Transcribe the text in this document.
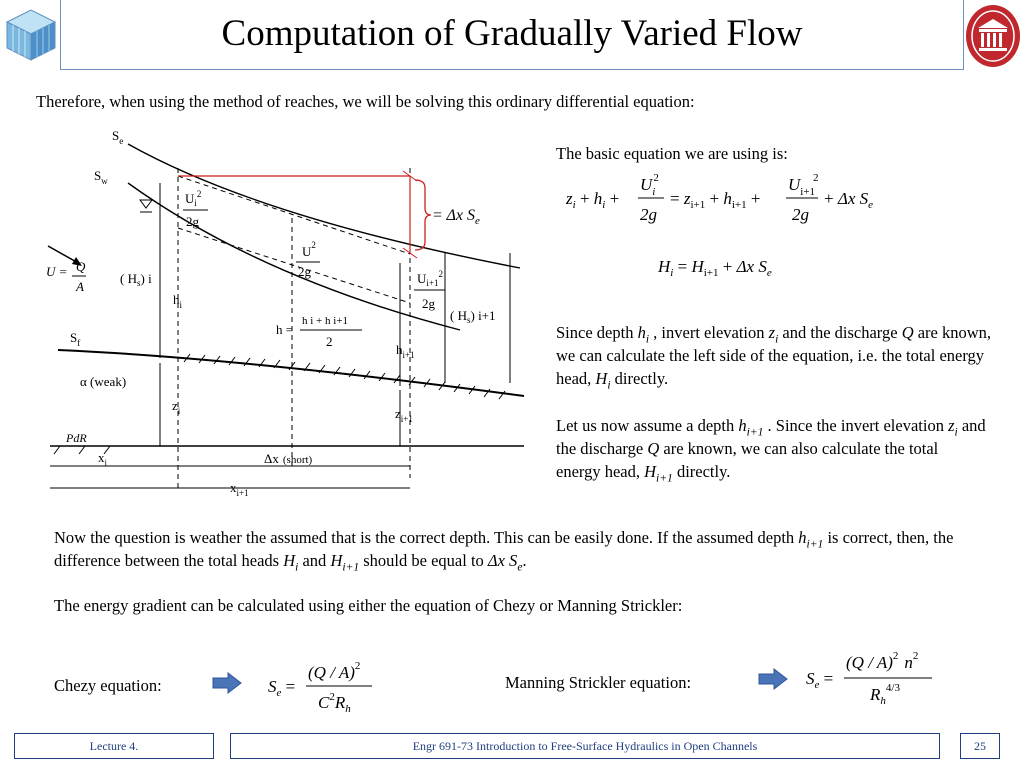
Computation of Gradually Varied Flow
Therefore, when using the method of reaches, we will be solving this ordinary differential equation:
$S_e$
$S_w$
$S_f$
U = Q
A
$U_i^2$
2g
$U^2$
2g	$U_{i+1}^2$
2g
( $H_s$) i
( $H_s$) i+1
$h_i$
h =
h i + h i+1
2
$h_{i+1}$
α (weak)
$z_i$	$z_{i+1}$
PdR
$x_i$	Δx (short)
$x_{i+1}$
= Δx $S_e$
The basic equation we are using is:
$z_i + h_i$ +
$U_i2$
2g
= $z_{i+1} + h_{i+1}$ +
$U_{i+1}2$
2g
+ Δx $S_e$
$H_i = H_{i+1} + \Delta x$ $S_e$
Since depth $h_i$ , invert elevation $z_i$ and the discharge Q are known, we can calculate the left side of the equation, i.e. the total energy head, $H_i$ directly.
Let us now assume a depth $h_{i+1}$ . Since the invert elevation $z_i$ and the discharge Q are known, we can also calculate the total energy head, $H_{i+1}$ directly.
Now the question is weather the assumed that is the correct depth. This can be easily done. If the assumed depth $h_{i+1}$ is correct, then, the difference between the total heads $H_i$ and $H_{i+1}$ should be equal to Δx $S_e$.
The energy gradient can be calculated using either the equation of Chezy or Manning Strickler:
Chezy equation:	$S_e$ =
(Q / A)$^2$
$C^2R_h$
Manning Strickler equation:	$S_e$ =
(Q / A)$^2$ $n^2$
$R_h^{4/3}$
Lecture 4.	Engr 691-73 Introduction to Free-Surface Hydraulics in Open Channels	25
